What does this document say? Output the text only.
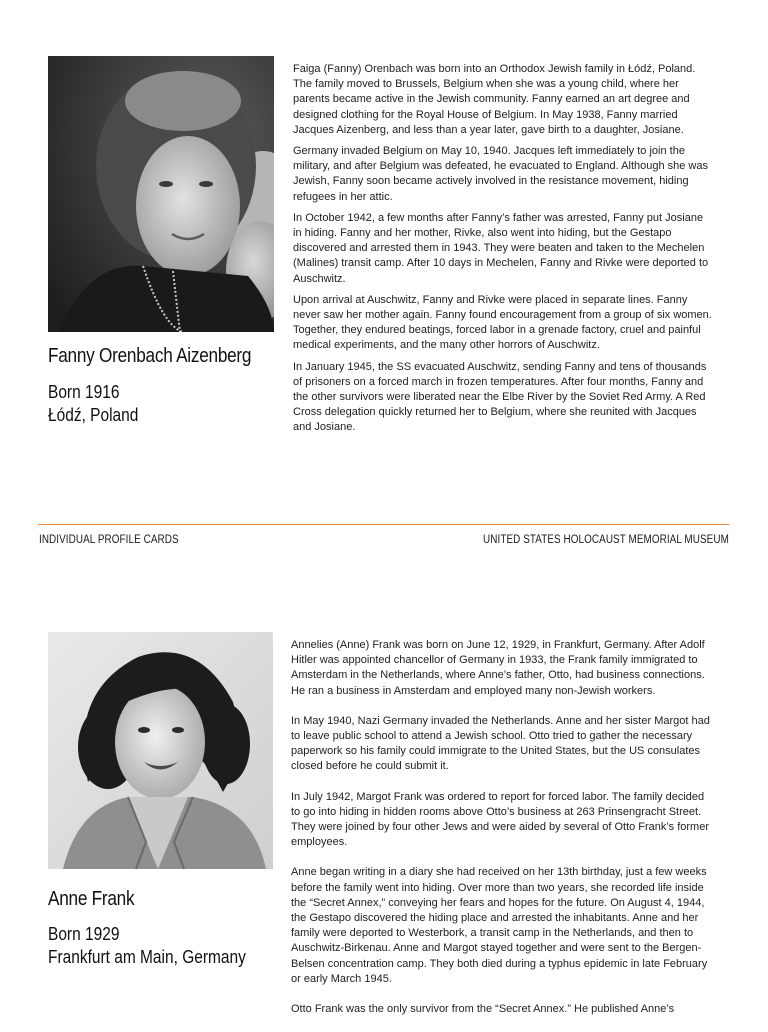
Fanny Orenbach Aizenberg
Born 1916
Łódź, Poland

Faiga (Fanny) Orenbach was born into an Orthodox Jewish family in Łódź, Poland. The family moved to Brussels, Belgium when she was a young child, where her parents became active in the Jewish community. Fanny earned an art degree and designed clothing for the Royal House of Belgium. In May 1938, Fanny married Jacques Aizenberg, and less than a year later, gave birth to a daughter, Josiane.

Germany invaded Belgium on May 10, 1940. Jacques left immediately to join the military, and after Belgium was defeated, he evacuated to England. Although she was Jewish, Fanny soon became actively involved in the resistance movement, hiding refugees in her attic.

In October 1942, a few months after Fanny’s father was arrested, Fanny put Josiane in hiding. Fanny and her mother, Rivke, also went into hiding, but the Gestapo discovered and arrested them in 1943. They were beaten and taken to the Mechelen (Malines) transit camp. After 10 days in Mechelen, Fanny and Rivke were deported to Auschwitz.

Upon arrival at Auschwitz, Fanny and Rivke were placed in separate lines. Fanny never saw her mother again. Fanny found encouragement from a group of six women. Together, they endured beatings, forced labor in a grenade factory, cruel and painful medical experiments, and the many other horrors of Auschwitz.

In January 1945, the SS evacuated Auschwitz, sending Fanny and tens of thousands of prisoners on a forced march in frozen temperatures. After four months, Fanny and the other survivors were liberated near the Elbe River by the Soviet Red Army. A Red Cross delegation quickly returned her to Belgium, where she reunited with Jacques and Josiane.

INDIVIDUAL PROFILE CARDS	UNITED STATES HOLOCAUST MEMORIAL MUSEUM
Anne Frank
Born 1929
Frankfurt am Main, Germany

Annelies (Anne) Frank was born on June 12, 1929, in Frankfurt, Germany. After Adolf Hitler was appointed chancellor of Germany in 1933, the Frank family immigrated to Amsterdam in the Netherlands, where Anne’s father, Otto, had business connections. He ran a business in Amsterdam and employed many non-Jewish workers.

In May 1940, Nazi Germany invaded the Netherlands. Anne and her sister Margot had to leave public school to attend a Jewish school. Otto tried to gather the necessary paperwork so his family could immigrate to the United States, but the US consulates closed before he could submit it.

In July 1942, Margot Frank was ordered to report for forced labor. The family decided to go into hiding in hidden rooms above Otto’s business at 263 Prinsengracht Street. They were joined by four other Jews and were aided by several of Otto Frank’s former employees.

Anne began writing in a diary she had received on her 13th birthday, just a few weeks before the family went into hiding. Over more than two years, she recorded life inside the “Secret Annex,” conveying her fears and hopes for the future. On August 4, 1944, the Gestapo discovered the hiding place and arrested the inhabitants. Anne and her family were deported to Westerbork, a transit camp in the Netherlands, and then to Auschwitz-Birkenau. Anne and Margot stayed together and were sent to the Bergen-Belsen concentration camp. They both died during a typhus epidemic in late February or early March 1945.

Otto Frank was the only survivor from the “Secret Annex.” He published Anne’s
